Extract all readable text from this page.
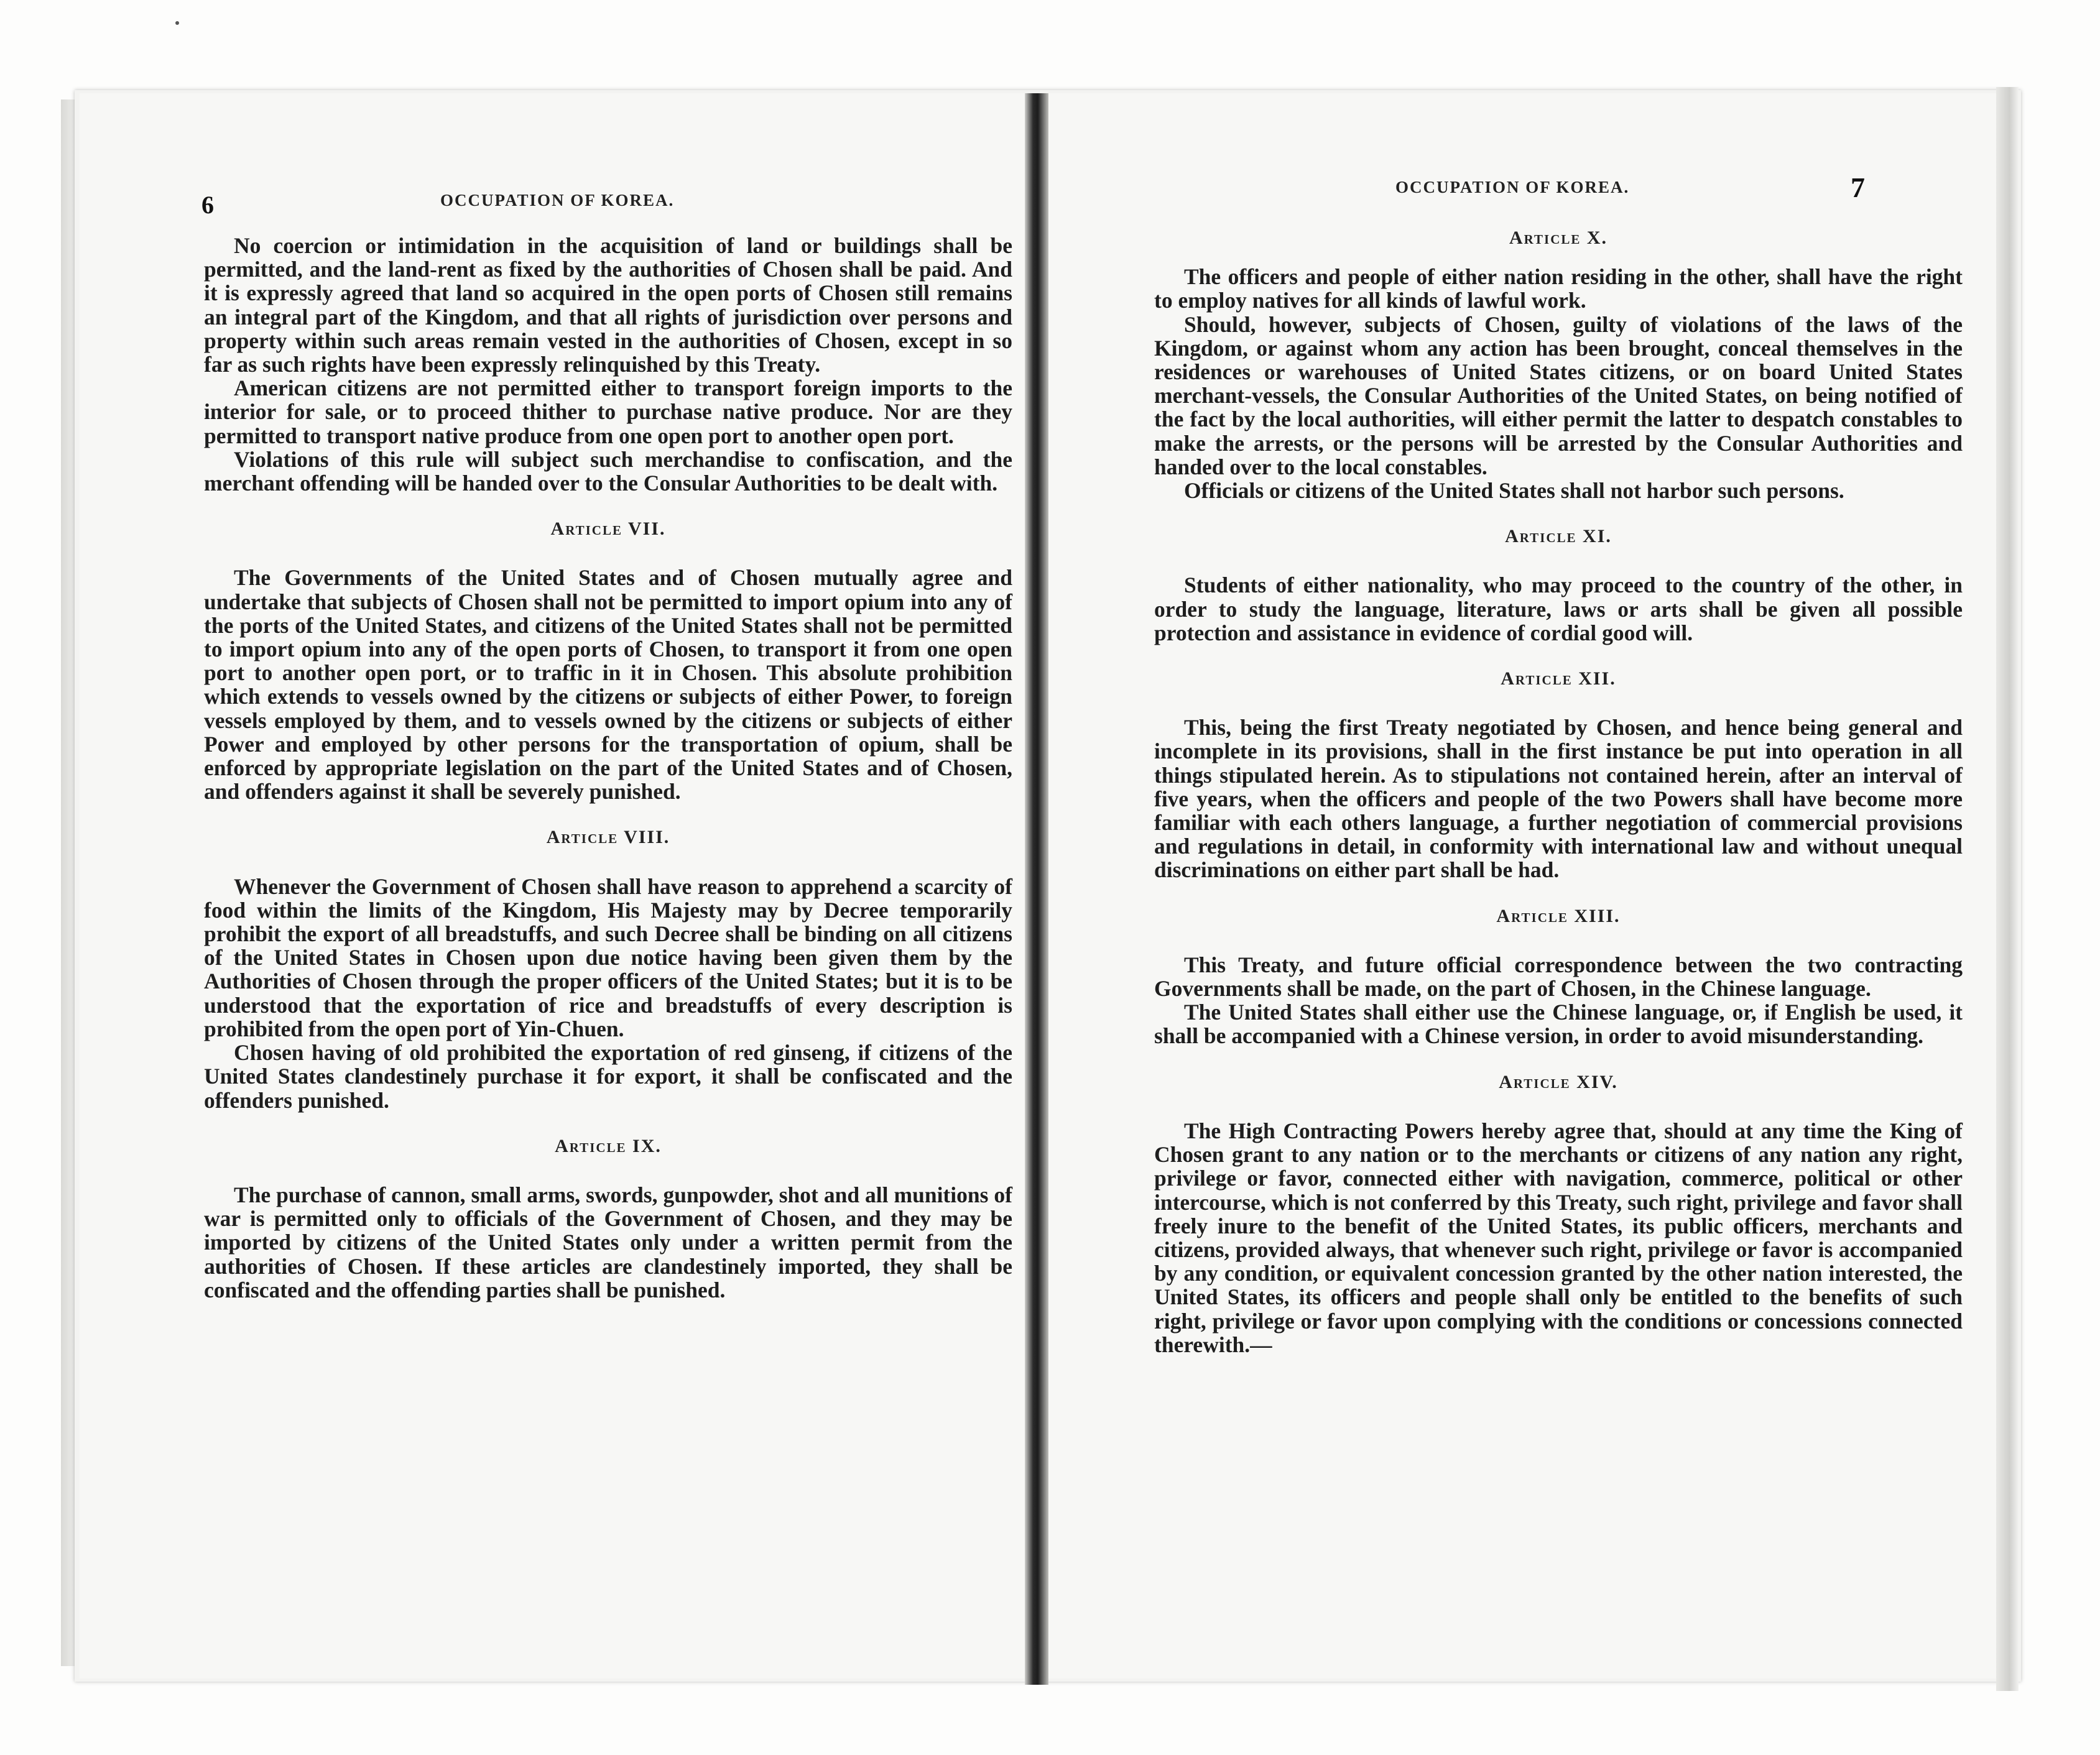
6	OCCUPATION OF KOREA.

No coercion or intimidation in the acquisition of land or buildings shall be permitted, and the land-rent as fixed by the authorities of Chosen shall be paid. And it is expressly agreed that land so acquired in the open ports of Chosen still remains an integral part of the Kingdom, and that all rights of jurisdiction over persons and property within such areas remain vested in the authorities of Chosen, except in so far as such rights have been expressly relinquished by this Treaty.

American citizens are not permitted either to transport foreign imports to the interior for sale, or to proceed thither to purchase native produce. Nor are they permitted to transport native produce from one open port to another open port.

Violations of this rule will subject such merchandise to confiscation, and the merchant offending will be handed over to the Consular Authorities to be dealt with.

Article VII.

The Governments of the United States and of Chosen mutually agree and undertake that subjects of Chosen shall not be permitted to import opium into any of the ports of the United States, and citizens of the United States shall not be permitted to import opium into any of the open ports of Chosen, to transport it from one open port to another open port, or to traffic in it in Chosen. This absolute prohibition which extends to vessels owned by the citizens or subjects of either Power, to foreign vessels employed by them, and to vessels owned by the citizens or subjects of either Power and employed by other persons for the transportation of opium, shall be enforced by appropriate legislation on the part of the United States and of Chosen, and offenders against it shall be severely punished.

Article VIII.

Whenever the Government of Chosen shall have reason to apprehend a scarcity of food within the limits of the Kingdom, His Majesty may by Decree temporarily prohibit the export of all breadstuffs, and such Decree shall be binding on all citizens of the United States in Chosen upon due notice having been given them by the Authorities of Chosen through the proper officers of the United States; but it is to be understood that the exportation of rice and breadstuffs of every description is prohibited from the open port of Yin-Chuen.

Chosen having of old prohibited the exportation of red ginseng, if citizens of the United States clandestinely purchase it for export, it shall be confiscated and the offenders punished.

Article IX.

The purchase of cannon, small arms, swords, gunpowder, shot and all munitions of war is permitted only to officials of the Government of Chosen, and they may be imported by citizens of the United States only under a written permit from the authorities of Chosen. If these articles are clandestinely imported, they shall be confiscated and the offending parties shall be punished.

OCCUPATION OF KOREA.	7
Article X.

The officers and people of either nation residing in the other, shall have the right to employ natives for all kinds of lawful work.

Should, however, subjects of Chosen, guilty of violations of the laws of the Kingdom, or against whom any action has been brought, conceal themselves in the residences or warehouses of United States citizens, or on board United States merchant-vessels, the Consular Authorities of the United States, on being notified of the fact by the local authorities, will either permit the latter to despatch constables to make the arrests, or the persons will be arrested by the Consular Authorities and handed over to the local constables.

Officials or citizens of the United States shall not harbor such persons.

Article XI.

Students of either nationality, who may proceed to the country of the other, in order to study the language, literature, laws or arts shall be given all possible protection and assistance in evidence of cordial good will.

Article XII.

This, being the first Treaty negotiated by Chosen, and hence being general and incomplete in its provisions, shall in the first instance be put into operation in all things stipulated herein. As to stipulations not contained herein, after an interval of five years, when the officers and people of the two Powers shall have become more familiar with each others language, a further negotiation of commercial provisions and regulations in detail, in conformity with international law and without unequal discriminations on either part shall be had.

Article XIII.

This Treaty, and future official correspondence between the two contracting Governments shall be made, on the part of Chosen, in the Chinese language.

The United States shall either use the Chinese language, or, if English be used, it shall be accompanied with a Chinese version, in order to avoid misunderstanding.

Article XIV.

The High Contracting Powers hereby agree that, should at any time the King of Chosen grant to any nation or to the merchants or citizens of any nation any right, privilege or favor, connected either with navigation, commerce, political or other intercourse, which is not conferred by this Treaty, such right, privilege and favor shall freely inure to the benefit of the United States, its public officers, merchants and citizens, provided always, that whenever such right, privilege or favor is accompanied by any condition, or equivalent concession granted by the other nation interested, the United States, its officers and people shall only be entitled to the benefits of such right, privilege or favor upon complying with the conditions or concessions connected therewith.—
